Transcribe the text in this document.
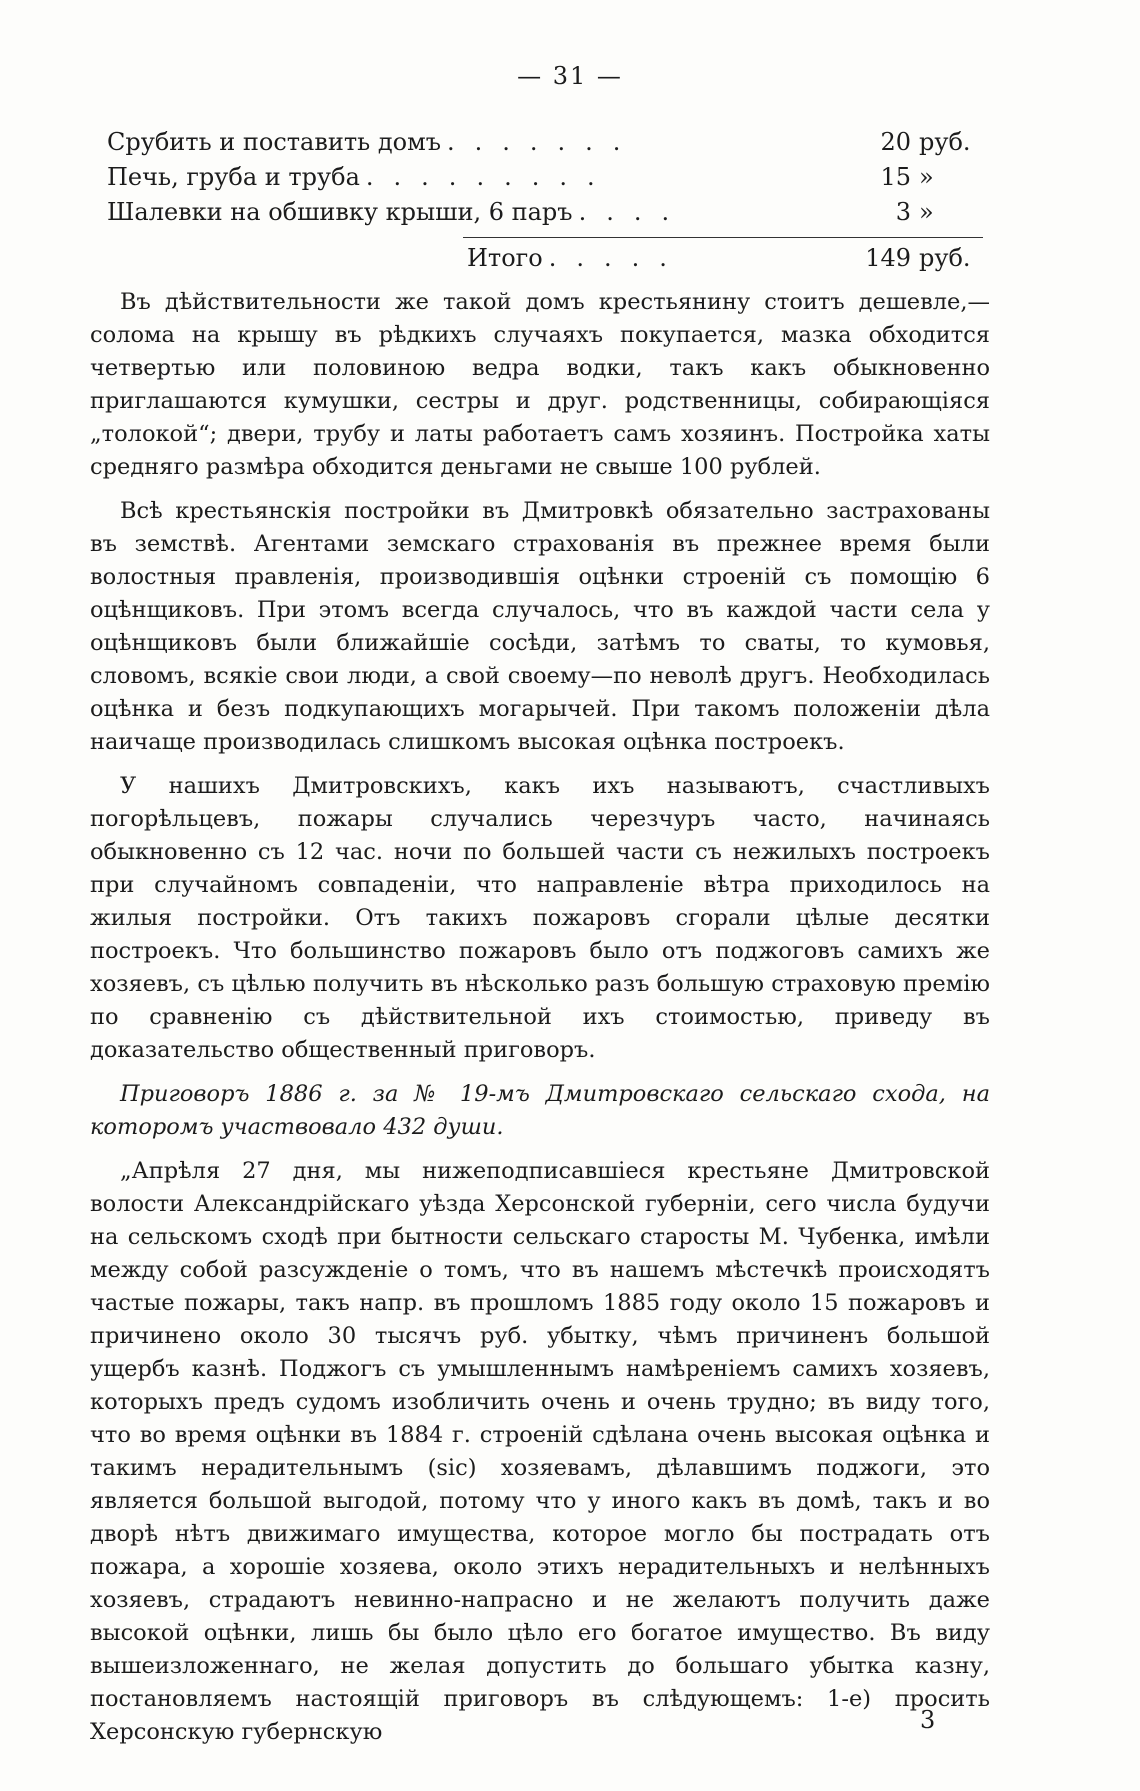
— 31 —
Срубить и поставить домъ .......	20 руб.
Печь, груба и труба .........	15 »
Шалевки на обшивку крыши, 6 паръ ....	3 »
Итого .....	149 руб.

Въ дѣйствительности же такой домъ крестьянину стоитъ дешевле,— солома на крышу въ рѣдкихъ случаяхъ покупается, мазка обходится четвертью или половиною ведра водки, такъ какъ обыкновенно приглашаются кумушки, сестры и друг. родственницы, собирающіяся „толокой“; двери, трубу и латы работаетъ самъ хозяинъ. Постройка хаты средняго размѣра обходится деньгами не свыше 100 рублей.

Всѣ крестьянскія постройки въ Дмитровкѣ обязательно застрахованы въ земствѣ. Агентами земскаго страхованія въ прежнее время были волостныя правленія, производившія оцѣнки строеній съ помощію 6 оцѣнщиковъ. При этомъ всегда случалось, что въ каждой части села у оцѣнщиковъ были ближайшіе сосѣди, затѣмъ то сваты, то кумовья, словомъ, всякіе свои люди, а свой своему—по неволѣ другъ. Необходилась оцѣнка и безъ подкупающихъ могарычей. При такомъ положеніи дѣла наичаще производилась слишкомъ высокая оцѣнка построекъ.

У нашихъ Дмитровскихъ, какъ ихъ называютъ, счастливыхъ погорѣльцевъ, пожары случались черезчуръ часто, начинаясь обыкновенно съ 12 час. ночи по большей части съ нежилыхъ построекъ при случайномъ совпаденіи, что направленіе вѣтра приходилось на жилыя постройки. Отъ такихъ пожаровъ сгорали цѣлые десятки построекъ. Что большинство пожаровъ было отъ поджоговъ самихъ же хозяевъ, съ цѣлью получить въ нѣсколько разъ большую страховую премію по сравненію съ дѣйствительной ихъ стоимостью, приведу въ доказательство общественный приговоръ.

Приговоръ 1886 г. за № 19-мъ Дмитровскаго сельскаго схода, на которомъ участвовало 432 души.

„Апрѣля 27 дня, мы нижеподписавшіеся крестьяне Дмитровской волости Александрійскаго уѣзда Херсонской губерніи, сего числа будучи на сельскомъ сходѣ при бытности сельскаго старосты М. Чубенка, имѣли между собой разсужденіе о томъ, что въ нашемъ мѣстечкѣ происходятъ частые пожары, такъ напр. въ прошломъ 1885 году около 15 пожаровъ и причинено около 30 тысячъ руб. убытку, чѣмъ причиненъ большой ущербъ казнѣ. Поджогъ съ умышленнымъ намѣреніемъ самихъ хозяевъ, которыхъ предъ судомъ изобличить очень и очень трудно; въ виду того, что во время оцѣнки въ 1884 г. строеній сдѣлана очень высокая оцѣнка и такимъ нерадительнымъ (sic) хозяевамъ, дѣлавшимъ поджоги, это является большой выгодой, потому что у иного какъ въ домѣ, такъ и во дворѣ нѣтъ движимаго имущества, которое могло бы пострадать отъ пожара, а хорошіе хозяева, около этихъ нерадительныхъ и нелѣнныхъ хозяевъ, страдаютъ невинно-напрасно и не желаютъ получить даже высокой оцѣнки, лишь бы было цѣло его богатое имущество. Въ виду вышеизложеннаго, не желая допустить до большаго убытка казну, постановляемъ настоящій приговоръ въ слѣдующемъ: 1-е) просить Херсонскую губернскую	3
